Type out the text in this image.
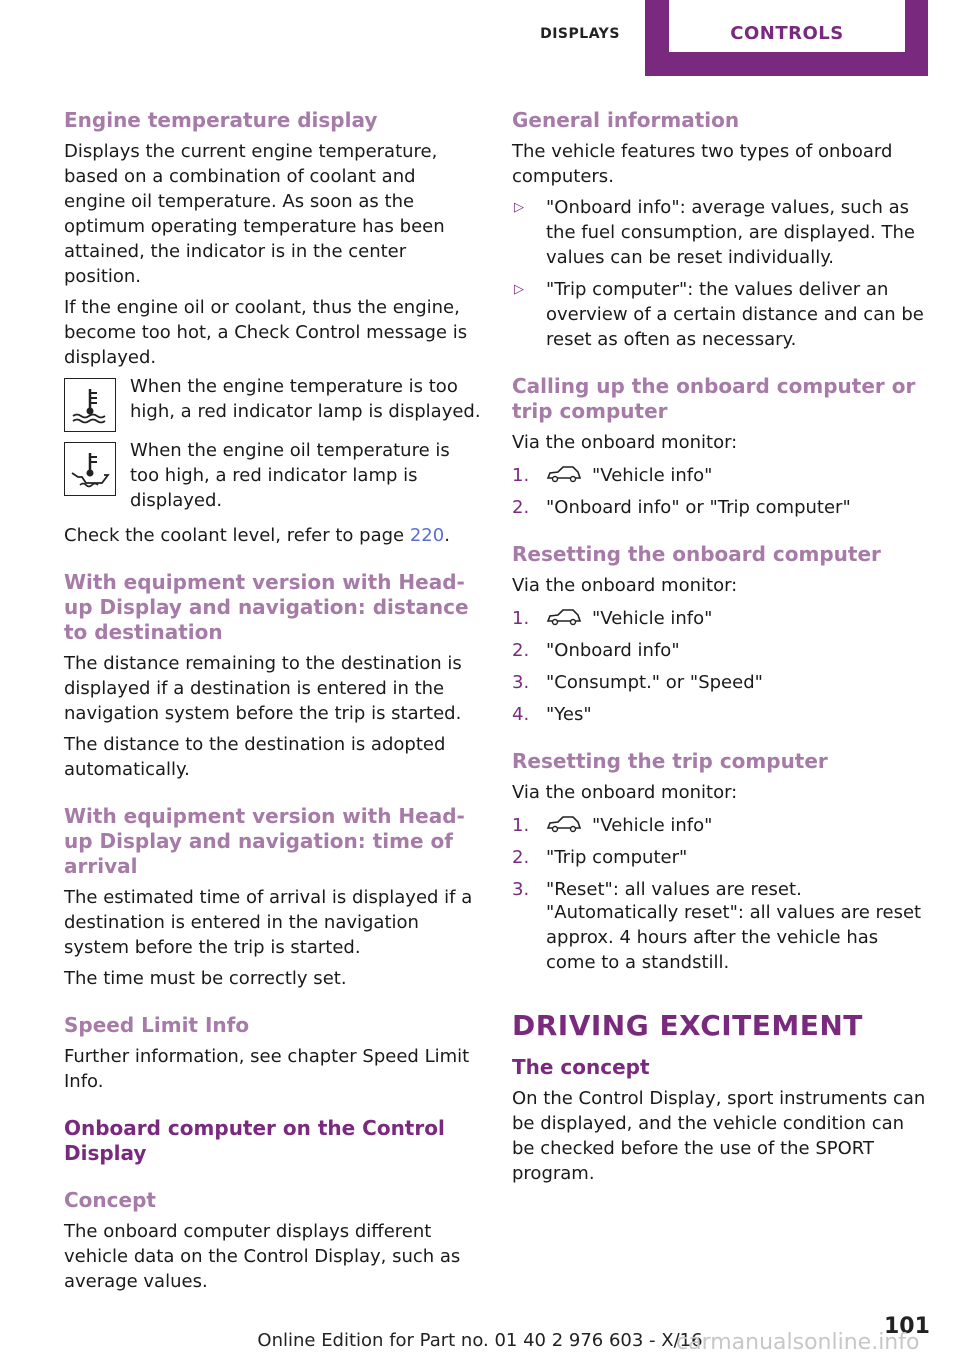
DISPLAYS	CONTROLS
Engine temperature display

Displays the current engine temperature, based on a combination of coolant and engine oil temperature. As soon as the optimum operating temperature has been attained, the indicator is in the center position.

If the engine oil or coolant, thus the engine, become too hot, a Check Control message is displayed.

When the engine temperature is too high, a red indicator lamp is displayed.
When the engine oil temperature is too high, a red indicator lamp is displayed.

Check the coolant level, refer to page 220.

With equipment version with Head-up Display and navigation: distance to destination

The distance remaining to the destination is displayed if a destination is entered in the navigation system before the trip is started.

The distance to the destination is adopted automatically.

With equipment version with Head-up Display and navigation: time of arrival

The estimated time of arrival is displayed if a destination is entered in the navigation system before the trip is started.

The time must be correctly set.

Speed Limit Info

Further information, see chapter Speed Limit Info.

Onboard computer on the Control Display
Concept

The onboard computer displays different vehicle data on the Control Display, such as average values.

General information

The vehicle features two types of onboard computers.

▷ "Onboard info": average values, such as the fuel consumption, are displayed. The values can be reset individually.
▷ "Trip computer": the values deliver an overview of a certain distance and can be reset as often as necessary.
Calling up the onboard computer or trip computer

Via the onboard monitor:

1.	"Vehicle info"
2. "Onboard info" or "Trip computer"
Resetting the onboard computer

Via the onboard monitor:

1.	"Vehicle info"
2. "Onboard info"
3. "Consumpt." or "Speed"
4. "Yes"
Resetting the trip computer

Via the onboard monitor:

1.	"Vehicle info"
2. "Trip computer"
3. "Reset": all values are reset.
"Automatically reset": all values are reset approx. 4 hours after the vehicle has come to a standstill.
DRIVING EXCITEMENT
The concept

On the Control Display, sport instruments can be displayed, and the vehicle condition can be checked before the use of the SPORT program.

101
Online Edition for Part no. 01 40 2 976 603 - X/16
carmanualsonline.info
